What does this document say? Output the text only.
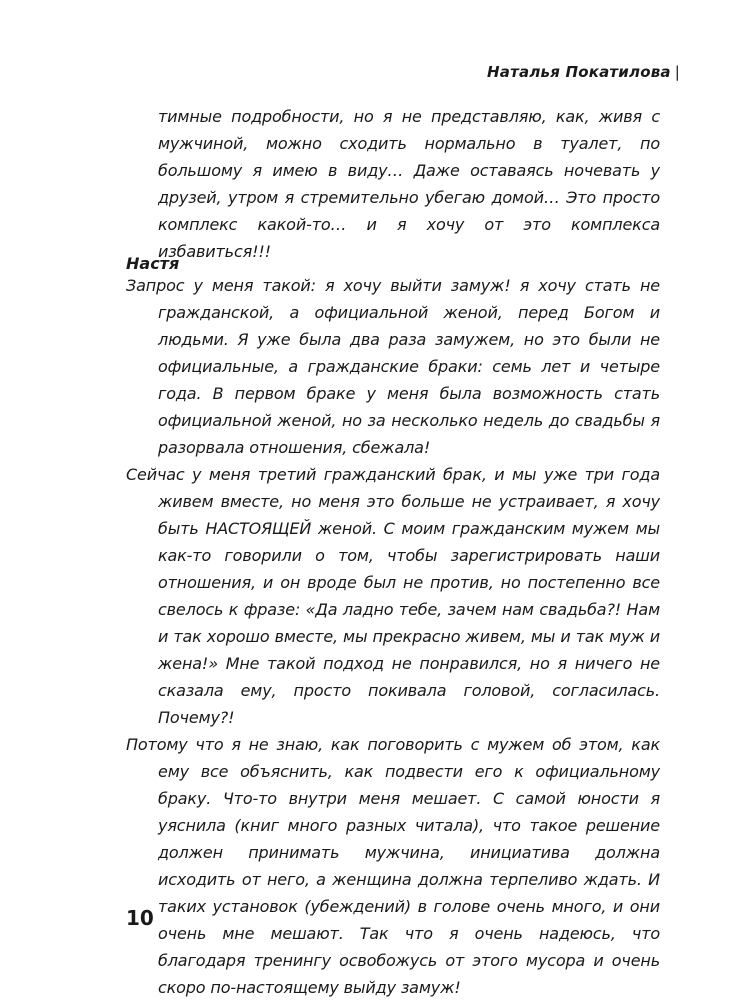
Наталья Покатилова |

тимные подробности, но я не представляю, как, живя с мужчиной, можно сходить нормально в туалет, по большому я имею в виду… Даже оставаясь ночевать у друзей, утром я стремительно убегаю домой… Это просто комплекс какой-то… и я хочу от это комплекса избавиться!!!

Настя

Запрос у меня такой: я хочу выйти замуж! я хочу стать не гражданской, а официальной женой, перед Богом и людьми. Я уже была два раза замужем, но это были не официальные, а гражданские браки: семь лет и четыре года. В первом браке у меня была возможность стать официальной женой, но за несколько недель до свадьбы я разорвала отношения, сбежала!

Сейчас у меня третий гражданский брак, и мы уже три года живем вместе, но меня это больше не устраивает, я хочу быть НАСТОЯЩЕЙ женой. С моим гражданским мужем мы как-то говорили о том, чтобы зарегистрировать наши отношения, и он вроде был не против, но постепенно все свелось к фразе: «Да ладно тебе, зачем нам свадьба?! Нам и так хорошо вместе, мы прекрасно живем, мы и так муж и жена!» Мне такой подход не понравился, но я ничего не сказала ему, просто покивала головой, согласилась. Почему?!

Потому что я не знаю, как поговорить с мужем об этом, как ему все объяснить, как подвести его к официальному браку. Что-то внутри меня мешает. С самой юности я уяснила (книг много разных читала), что такое решение должен принимать мужчина, инициатива должна исходить от него, а женщина должна терпеливо ждать. И таких установок (убеждений) в голове очень много, и они очень мне мешают. Так что я очень надеюсь, что благодаря тренингу освобожусь от этого мусора и очень скоро по-настоящему выйду замуж!

10
